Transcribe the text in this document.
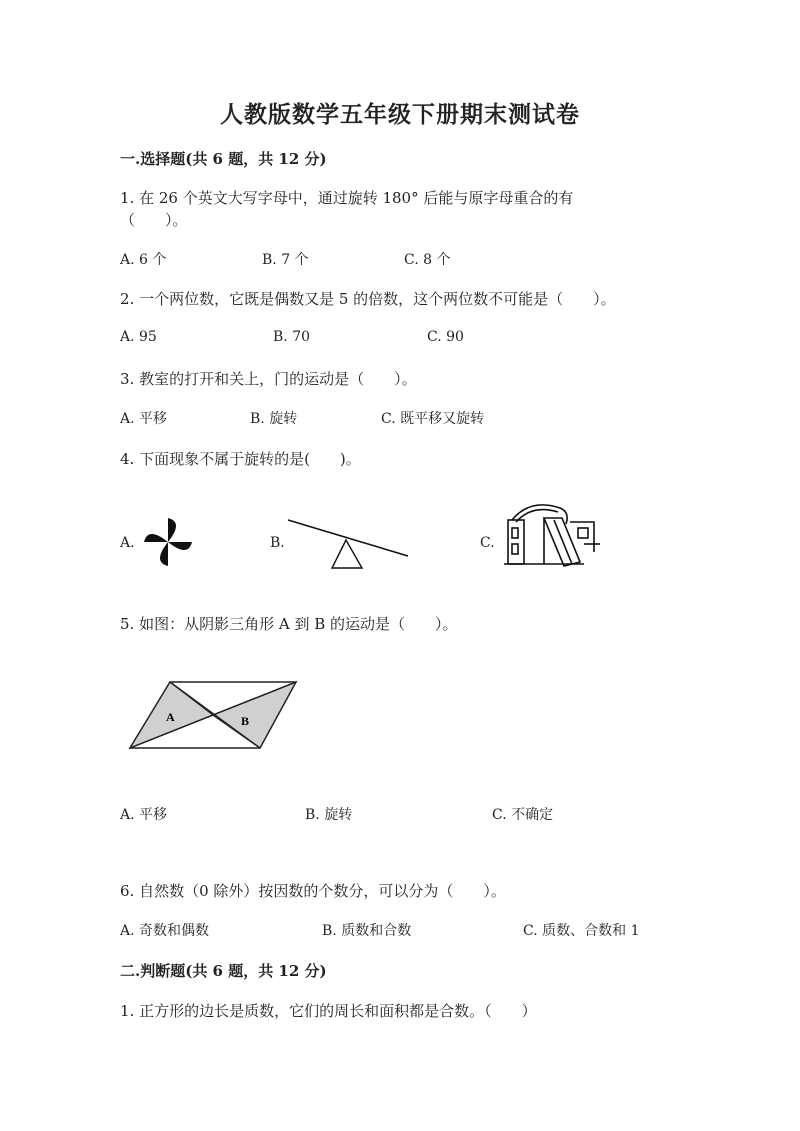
人教版数学五年级下册期末测试卷
一.选择题(共 6 题，共 12 分)
1. 在 26 个英文大写字母中，通过旋转 180° 后能与原字母重合的有
（　　）。
A. 6 个	B. 7 个	C. 8 个
2. 一个两位数，它既是偶数又是 5 的倍数，这个两位数不可能是（　　）。
A. 95	B. 70	C. 90
3. 教室的打开和关上，门的运动是（　　）。
A. 平移	B. 旋转	C. 既平移又旋转
4. 下面现象不属于旋转的是(　　)。
A.	B.	C.
5. 如图：从阴影三角形 A 到 B 的运动是（　　）。
A	B
A. 平移	B. 旋转	C. 不确定
6. 自然数（0 除外）按因数的个数分，可以分为（　　）。
A. 奇数和偶数	B. 质数和合数	C. 质数、合数和 1
二.判断题(共 6 题，共 12 分)
1. 正方形的边长是质数，它们的周长和面积都是合数。（　　）
